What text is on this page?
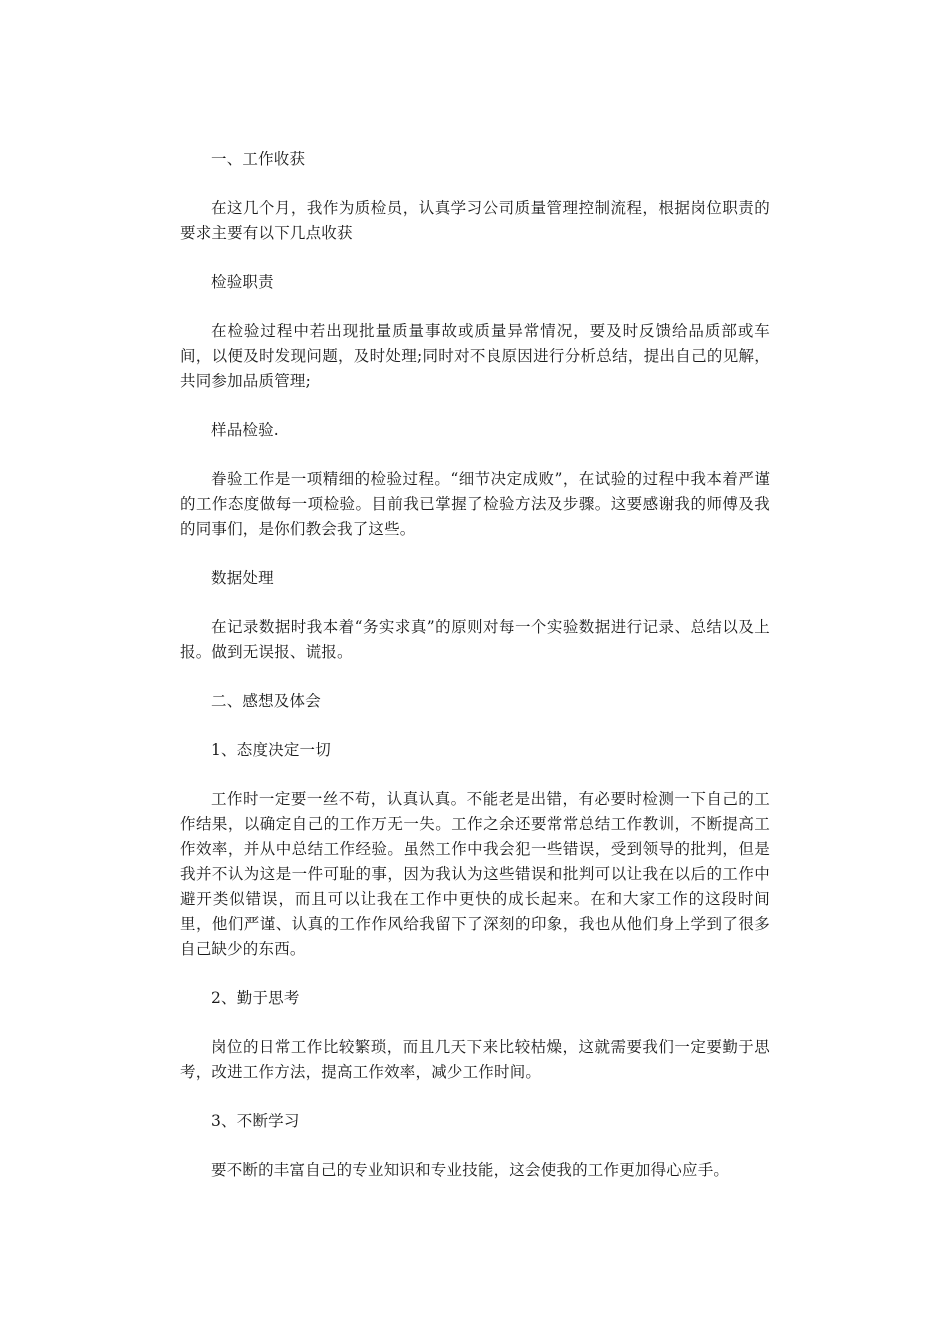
一、工作收获

在这几个月，我作为质检员，认真学习公司质量管理控制流程，根据岗位职责的要求主要有以下几点收获

检验职责

在检验过程中若出现批量质量事故或质量异常情况，要及时反馈给品质部或车间，以便及时发现问题，及时处理;同时对不良原因进行分析总结，提出自己的见解，共同参加品质管理;

样品检验.

眷验工作是一项精细的检验过程。“细节决定成败”，在试验的过程中我本着严谨的工作态度做每一项检验。目前我已掌握了检验方法及步骤。这要感谢我的师傅及我的同事们，是你们教会我了这些。

数据处理

在记录数据时我本着“务实求真”的原则对每一个实验数据进行记录、总结以及上报。做到无误报、谎报。

二、感想及体会

1、态度决定一切

工作时一定要一丝不苟，认真认真。不能老是出错，有必要时检测一下自己的工作结果，以确定自己的工作万无一失。工作之余还要常常总结工作教训，不断提高工作效率，并从中总结工作经验。虽然工作中我会犯一些错误，受到领导的批判，但是我并不认为这是一件可耻的事，因为我认为这些错误和批判可以让我在以后的工作中避开类似错误，而且可以让我在工作中更快的成长起来。在和大家工作的这段时间里，他们严谨、认真的工作作风给我留下了深刻的印象，我也从他们身上学到了很多自己缺少的东西。

2、勤于思考

岗位的日常工作比较繁琐，而且几天下来比较枯燥，这就需要我们一定要勤于思考，改进工作方法，提高工作效率，减少工作时间。

3、不断学习

要不断的丰富自己的专业知识和专业技能，这会使我的工作更加得心应手。
